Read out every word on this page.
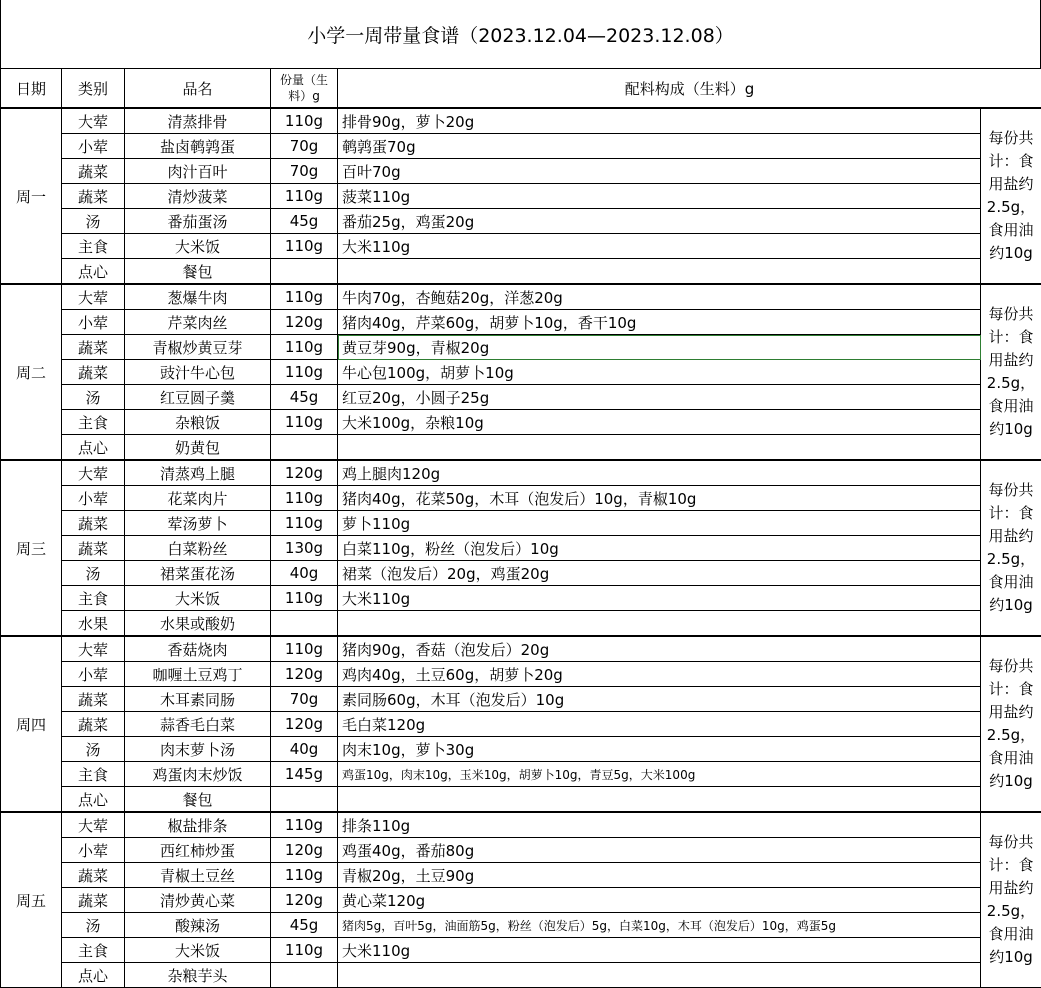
小学一周带量食谱（2023.12.04—2023.12.08）
日期	类别	品名	份量（生料）g	配料构成（生料）g	
周一	大荤	清蒸排骨	110g	排骨90g，萝卜20g	每份共计：食用盐约2.5g，食用油约10g
	小荤	盐卤鹌鹑蛋	70g	鹌鹑蛋70g	
	蔬菜	肉汁百叶	70g	百叶70g	
	蔬菜	清炒菠菜	110g	菠菜110g	
	汤	番茄蛋汤	45g	番茄25g，鸡蛋20g	
	主食	大米饭	110g	大米110g	
	点心	餐包			
周二	大荤	葱爆牛肉	110g	牛肉70g，杏鲍菇20g，洋葱20g	每份共计：食用盐约2.5g，食用油约10g
	小荤	芹菜肉丝	120g	猪肉40g，芹菜60g，胡萝卜10g，香干10g	
	蔬菜	青椒炒黄豆芽	110g	黄豆芽90g，青椒20g	
	蔬菜	豉汁牛心包	110g	牛心包100g，胡萝卜10g	
	汤	红豆圆子羹	45g	红豆20g，小圆子25g	
	主食	杂粮饭	110g	大米100g，杂粮10g	
	点心	奶黄包			
周三	大荤	清蒸鸡上腿	120g	鸡上腿肉120g	每份共计：食用盐约2.5g，食用油约10g
	小荤	花菜肉片	110g	猪肉40g，花菜50g，木耳（泡发后）10g，青椒10g	
	蔬菜	荤汤萝卜	110g	萝卜110g	
	蔬菜	白菜粉丝	130g	白菜110g，粉丝（泡发后）10g	
	汤	裙菜蛋花汤	40g	裙菜（泡发后）20g，鸡蛋20g	
	主食	大米饭	110g	大米110g	
	水果	水果或酸奶			
周四	大荤	香菇烧肉	110g	猪肉90g，香菇（泡发后）20g	每份共计：食用盐约2.5g，食用油约10g
	小荤	咖喱土豆鸡丁	120g	鸡肉40g，土豆60g，胡萝卜20g	
	蔬菜	木耳素同肠	70g	素同肠60g，木耳（泡发后）10g	
	蔬菜	蒜香毛白菜	120g	毛白菜120g	
	汤	肉末萝卜汤	40g	肉末10g，萝卜30g	
	主食	鸡蛋肉末炒饭	145g	鸡蛋10g，肉末10g，玉米10g，胡萝卜10g，青豆5g，大米100g	
	点心	餐包			
周五	大荤	椒盐排条	110g	排条110g	每份共计：食用盐约2.5g，食用油约10g
	小荤	西红柿炒蛋	120g	鸡蛋40g，番茄80g	
	蔬菜	青椒土豆丝	110g	青椒20g，土豆90g	
	蔬菜	清炒黄心菜	120g	黄心菜120g	
	汤	酸辣汤	45g	猪肉5g，百叶5g，油面筋5g，粉丝（泡发后）5g，白菜10g，木耳（泡发后）10g，鸡蛋5g	
	主食	大米饭	110g	大米110g	
	点心	杂粮芋头			
